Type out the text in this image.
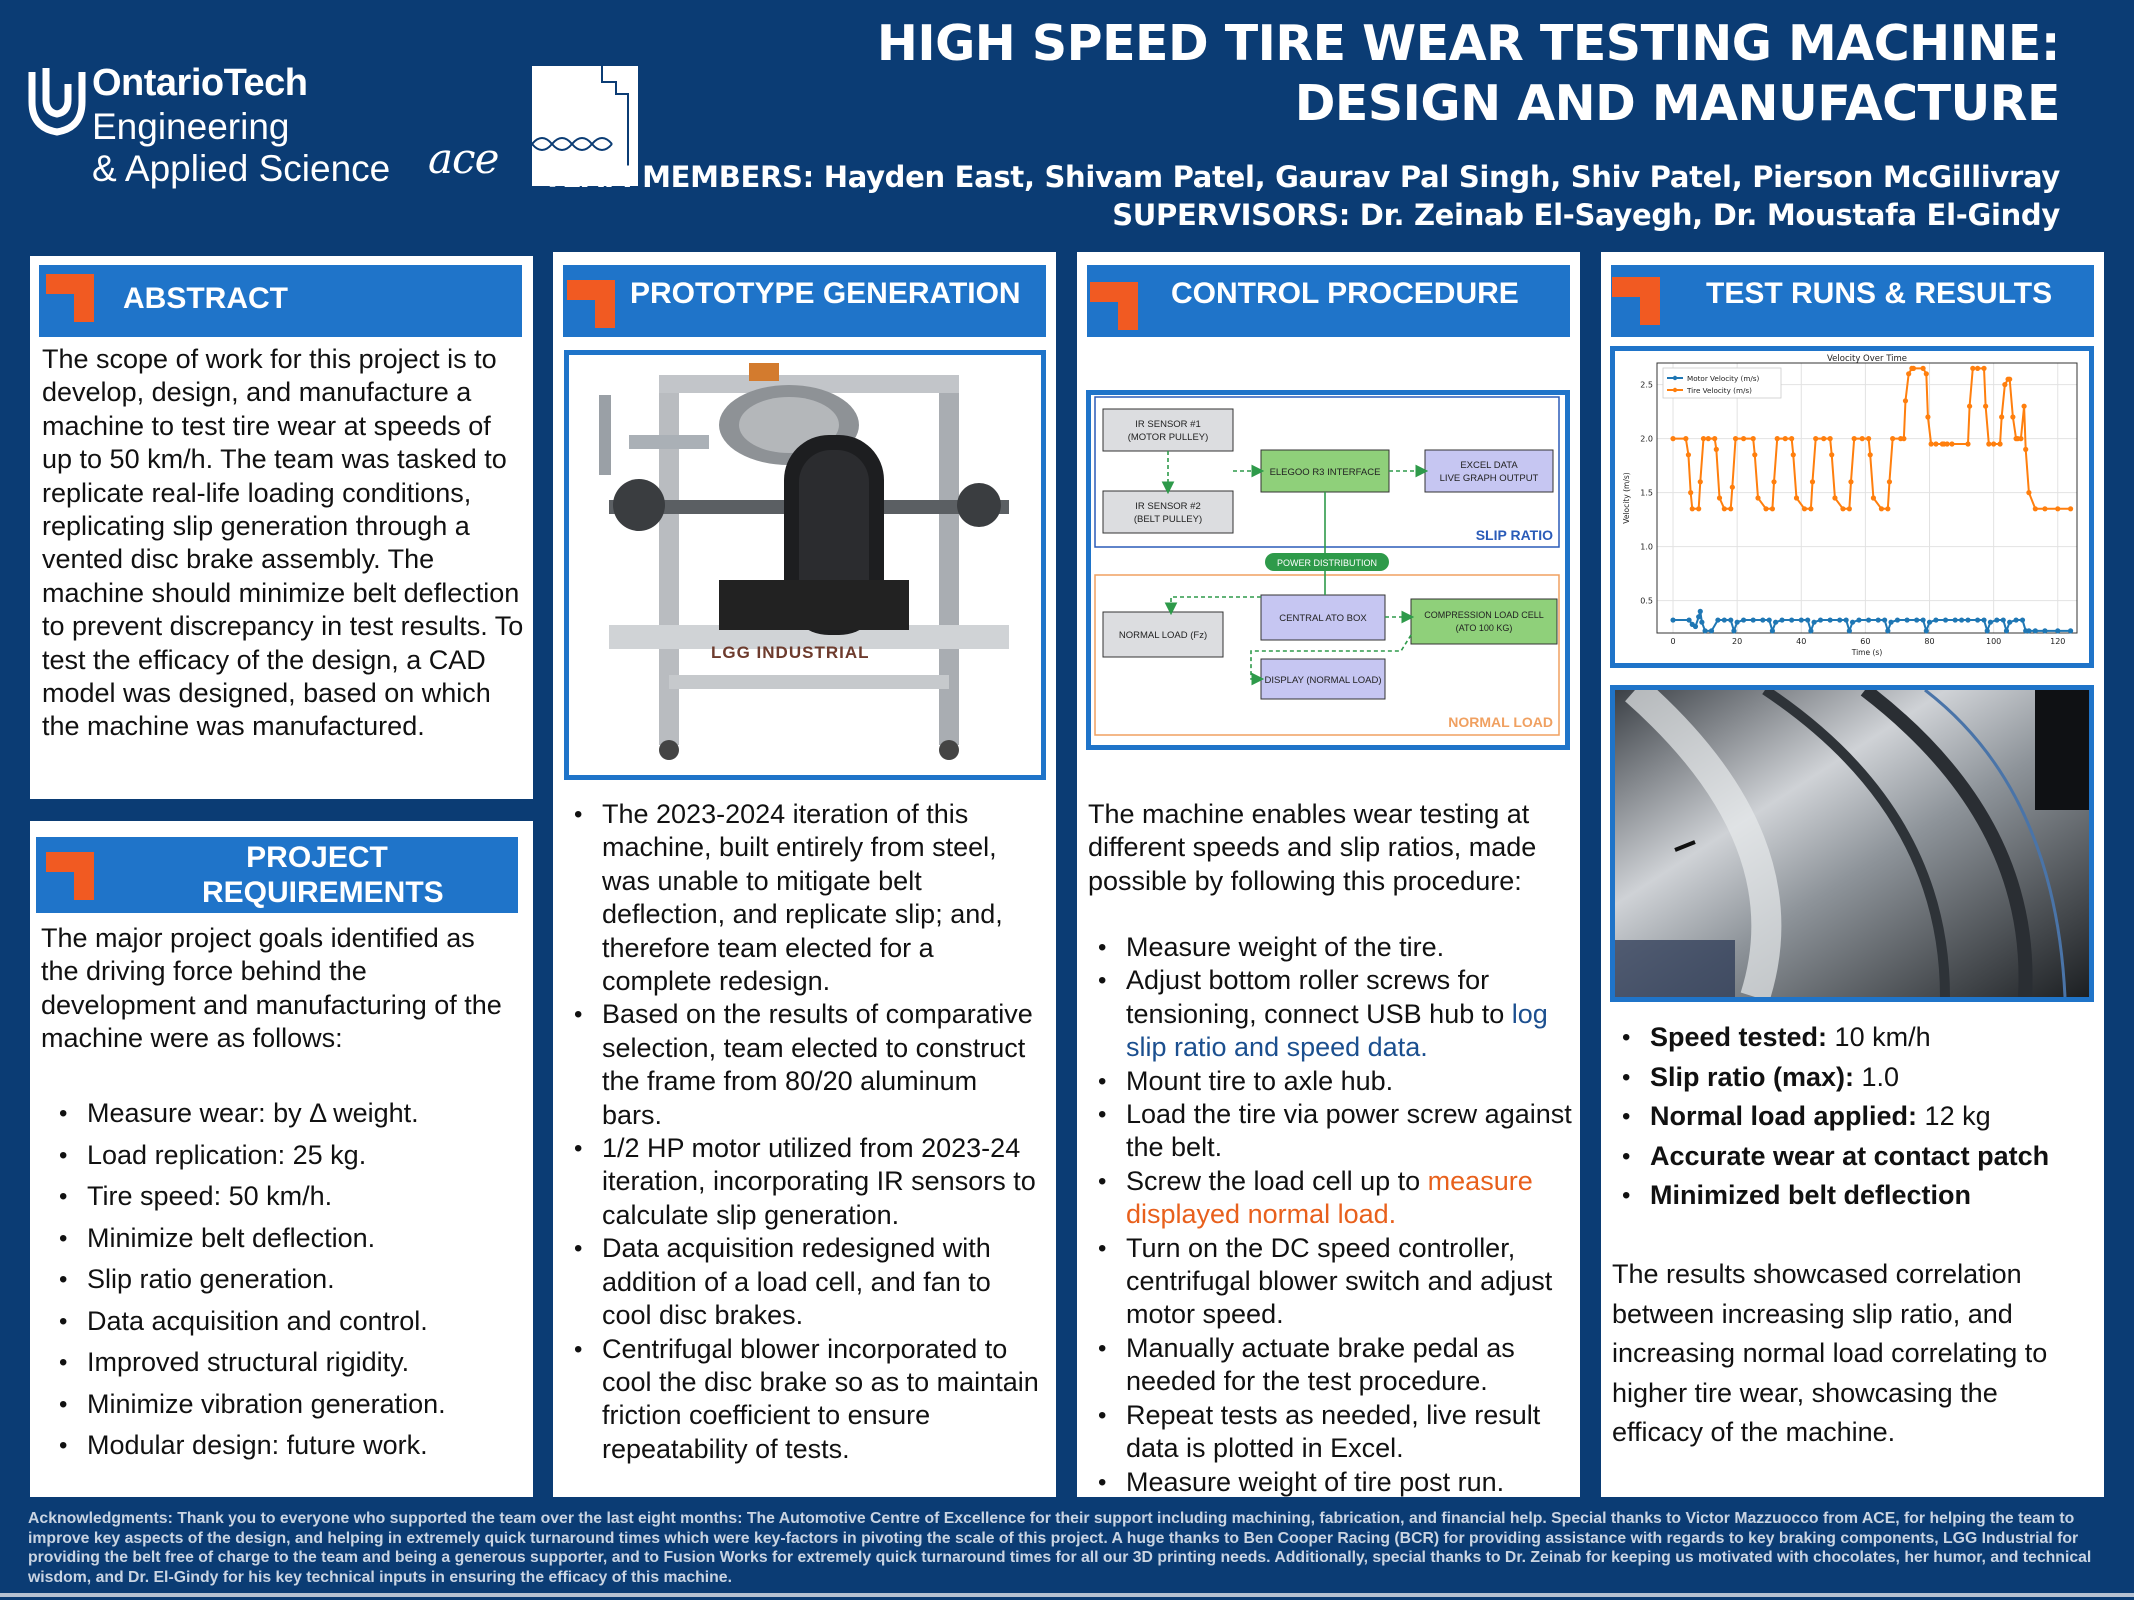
OntarioTech
Engineering
& Applied Science ace
HIGH SPEED TIRE WEAR TESTING MACHINE:
DESIGN AND MANUFACTURE
TEAM MEMBERS: Hayden East, Shivam Patel, Gaurav Pal Singh, Shiv Patel, Pierson McGillivray
SUPERVISORS: Dr. Zeinab El-Sayegh, Dr. Moustafa El-Gindy
ABSTRACT
The scope of work for this project is to develop, design, and manufacture a machine to test tire wear at speeds of up to 50 km/h. The team was tasked to replicate real-life loading conditions, replicating slip generation through a vented disc brake assembly. The machine should minimize belt deflection to prevent discrepancy in test results. To test the efficacy of the design, a CAD model was designed, based on which the machine was manufactured.
PROJECT REQUIREMENTS
The major project goals identified as the driving force behind the development and manufacturing of the machine were as follows:
• Measure wear: by Δ weight.
• Load replication: 25 kg.
• Tire speed: 50 km/h.
• Minimize belt deflection.
• Slip ratio generation.
• Data acquisition and control.
• Improved structural rigidity.
• Minimize vibration generation.
• Modular design: future work.
PROTOTYPE GENERATION
LGG INDUSTRIAL
• The 2023-2024 iteration of this machine, built entirely from steel, was unable to mitigate belt deflection, and replicate slip; and, therefore team elected for a complete redesign.
• Based on the results of comparative selection, team elected to construct the frame from 80/20 aluminum bars.
• 1/2 HP motor utilized from 2023-24 iteration, incorporating IR sensors to calculate slip generation.
• Data acquisition redesigned with addition of a load cell, and fan to cool disc brakes.
• Centrifugal blower incorporated to cool the disc brake so as to maintain friction coefficient to ensure repeatability of tests.
CONTROL PROCEDURE
IR SENSOR #1
(MOTOR PULLEY)
IR SENSOR #2
(BELT PULLEY)
ELEGOO R3 INTERFACE
EXCEL DATA
LIVE GRAPH OUTPUT
SLIP RATIO
POWER DISTRIBUTION
NORMAL LOAD (Fz)
CENTRAL ATO BOX	COMPRESSION LOAD CELL
(ATO 100 KG)
DISPLAY (NORMAL LOAD)
NORMAL LOAD
The machine enables wear testing at different speeds and slip ratios, made possible by following this procedure:
• Measure weight of the tire.
• Adjust bottom roller screws for tensioning, connect USB hub to log slip ratio and speed data.
• Mount tire to axle hub.
• Load the tire via power screw against the belt.
• Screw the load cell up to measure displayed normal load.
• Turn on the DC speed controller, centrifugal blower switch and adjust motor speed.
• Manually actuate brake pedal as needed for the test procedure.
• Repeat tests as needed, live result data is plotted in Excel.
• Measure weight of tire post run.
TEST RUNS & RESULTS
0	20	40	60	80	100	120
0.5
1.0
1.5
2.0
2.5
Velocity Over Time
Time (s)
Velocity (m/s)
Motor Velocity (m/s)
Tire Velocity (m/s)
• Speed tested: 10 km/h
• Slip ratio (max): 1.0
• Normal load applied: 12 kg
• Accurate wear at contact patch
• Minimized belt deflection
The results showcased correlation between increasing slip ratio, and increasing normal load correlating to higher tire wear, showcasing the efficacy of the machine.
Acknowledgments: Thank you to everyone who supported the team over the last eight months: The Automotive Centre of Excellence for their support including machining, fabrication, and financial help. Special thanks to Victor Mazzuocco from ACE, for helping the team to improve key aspects of the design, and helping in extremely quick turnaround times which were key-factors in pivoting the scale of this project. A huge thanks to Ben Cooper Racing (BCR) for providing assistance with regards to key braking components, LGG Industrial for providing the belt free of charge to the team and being a generous supporter, and to Fusion Works for extremely quick turnaround times for all our 3D printing needs. Additionally, special thanks to Dr. Zeinab for keeping us motivated with chocolates, her humor, and technical wisdom, and Dr. El-Gindy for his key technical inputs in ensuring the efficacy of this machine.
